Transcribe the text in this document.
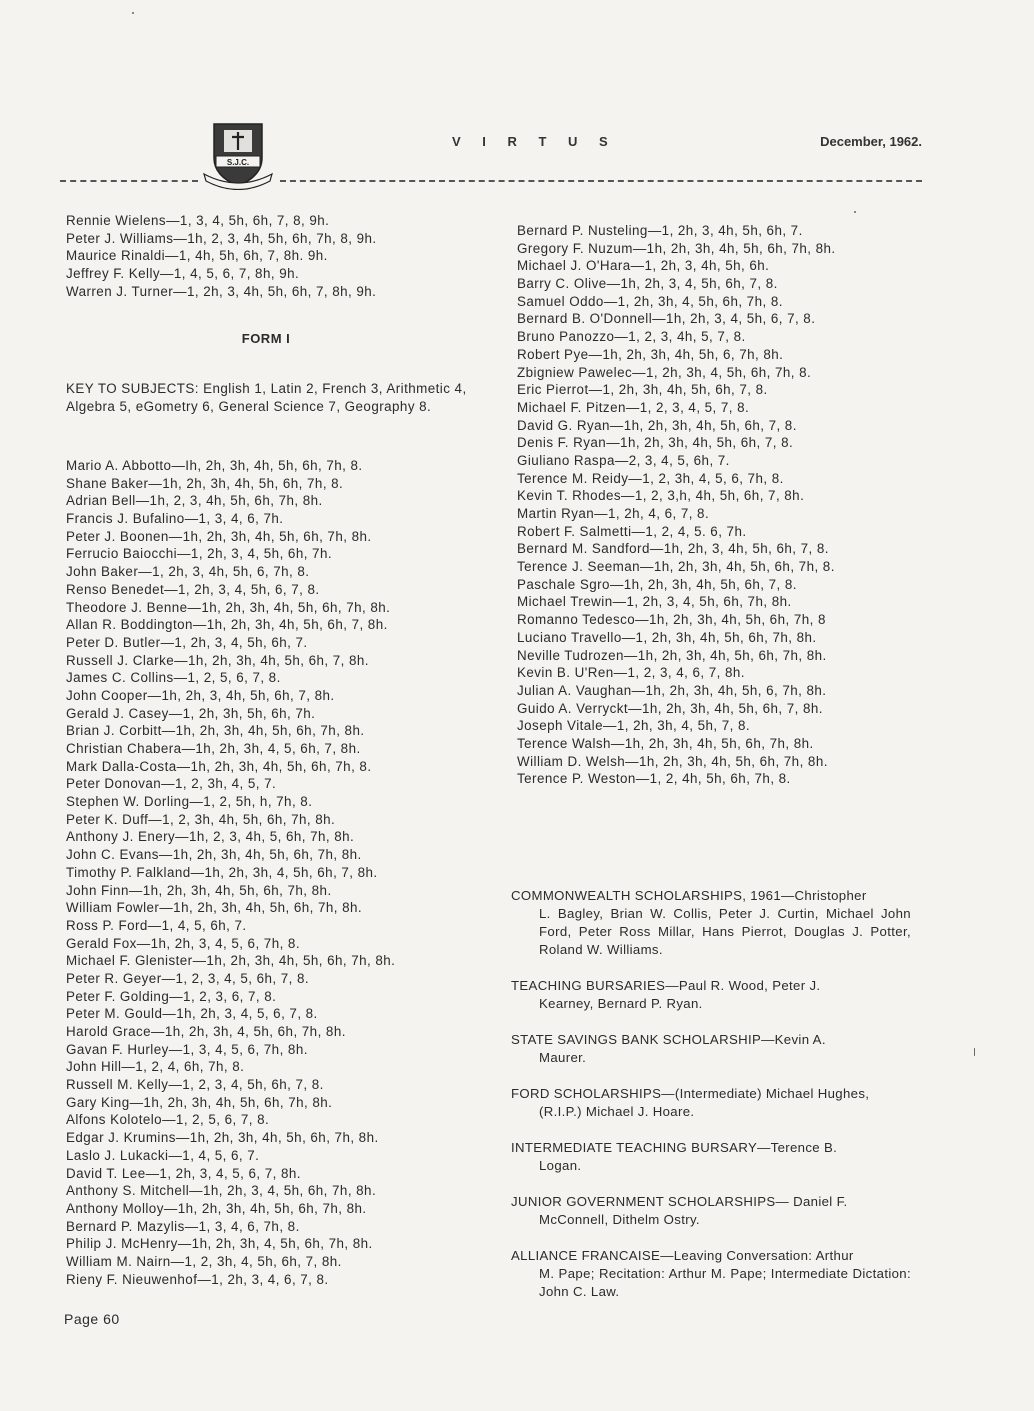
S.J.C.
V I R T U S	December, 1962.
Rennie Wielens—1, 3, 4, 5h, 6h, 7, 8, 9h.
Peter J. Williams—1h, 2, 3, 4h, 5h, 6h, 7h, 8, 9h.
Maurice Rinaldi—1, 4h, 5h, 6h, 7, 8h. 9h.
Jeffrey F. Kelly—1, 4, 5, 6, 7, 8h, 9h.
Warren J. Turner—1, 2h, 3, 4h, 5h, 6h, 7, 8h, 9h.
FORM I
KEY TO SUBJECTS: English 1, Latin 2, French 3, Arithmetic 4, Algebra 5, eGometry 6, General Science 7, Geography 8.
Mario A. Abbotto—Ih, 2h, 3h, 4h, 5h, 6h, 7h, 8.
Shane Baker—1h, 2h, 3h, 4h, 5h, 6h, 7h, 8.
Adrian Bell—1h, 2, 3, 4h, 5h, 6h, 7h, 8h.
Francis J. Bufalino—1, 3, 4, 6, 7h.
Peter J. Boonen—1h, 2h, 3h, 4h, 5h, 6h, 7h, 8h.
Ferrucio Baiocchi—1, 2h, 3, 4, 5h, 6h, 7h.
John Baker—1, 2h, 3, 4h, 5h, 6, 7h, 8.
Renso Benedet—1, 2h, 3, 4, 5h, 6, 7, 8.
Theodore J. Benne—1h, 2h, 3h, 4h, 5h, 6h, 7h, 8h.
Allan R. Boddington—1h, 2h, 3h, 4h, 5h, 6h, 7, 8h.
Peter D. Butler—1, 2h, 3, 4, 5h, 6h, 7.
Russell J. Clarke—1h, 2h, 3h, 4h, 5h, 6h, 7, 8h.
James C. Collins—1, 2, 5, 6, 7, 8.
John Cooper—1h, 2h, 3, 4h, 5h, 6h, 7, 8h.
Gerald J. Casey—1, 2h, 3h, 5h, 6h, 7h.
Brian J. Corbitt—1h, 2h, 3h, 4h, 5h, 6h, 7h, 8h.
Christian Chabera—1h, 2h, 3h, 4, 5, 6h, 7, 8h.
Mark Dalla-Costa—1h, 2h, 3h, 4h, 5h, 6h, 7h, 8.
Peter Donovan—1, 2, 3h, 4, 5, 7.
Stephen W. Dorling—1, 2, 5h, h, 7h, 8.
Peter K. Duff—1, 2, 3h, 4h, 5h, 6h, 7h, 8h.
Anthony J. Enery—1h, 2, 3, 4h, 5, 6h, 7h, 8h.
John C. Evans—1h, 2h, 3h, 4h, 5h, 6h, 7h, 8h.
Timothy P. Falkland—1h, 2h, 3h, 4, 5h, 6h, 7, 8h.
John Finn—1h, 2h, 3h, 4h, 5h, 6h, 7h, 8h.
William Fowler—1h, 2h, 3h, 4h, 5h, 6h, 7h, 8h.
Ross P. Ford—1, 4, 5, 6h, 7.
Gerald Fox—1h, 2h, 3, 4, 5, 6, 7h, 8.
Michael F. Glenister—1h, 2h, 3h, 4h, 5h, 6h, 7h, 8h.
Peter R. Geyer—1, 2, 3, 4, 5, 6h, 7, 8.
Peter F. Golding—1, 2, 3, 6, 7, 8.
Peter M. Gould—1h, 2h, 3, 4, 5, 6, 7, 8.
Harold Grace—1h, 2h, 3h, 4, 5h, 6h, 7h, 8h.
Gavan F. Hurley—1, 3, 4, 5, 6, 7h, 8h.
John Hill—1, 2, 4, 6h, 7h, 8.
Russell M. Kelly—1, 2, 3, 4, 5h, 6h, 7, 8.
Gary King—1h, 2h, 3h, 4h, 5h, 6h, 7h, 8h.
Alfons Kolotelo—1, 2, 5, 6, 7, 8.
Edgar J. Krumins—1h, 2h, 3h, 4h, 5h, 6h, 7h, 8h.
Laslo J. Lukacki—1, 4, 5, 6, 7.
David T. Lee—1, 2h, 3, 4, 5, 6, 7, 8h.
Anthony S. Mitchell—1h, 2h, 3, 4, 5h, 6h, 7h, 8h.
Anthony Molloy—1h, 2h, 3h, 4h, 5h, 6h, 7h, 8h.
Bernard P. Mazylis—1, 3, 4, 6, 7h, 8.
Philip J. McHenry—1h, 2h, 3h, 4, 5h, 6h, 7h, 8h.
William M. Nairn—1, 2, 3h, 4, 5h, 6h, 7, 8h.
Rieny F. Nieuwenhof—1, 2h, 3, 4, 6, 7, 8.
Bernard P. Nusteling—1, 2h, 3, 4h, 5h, 6h, 7.
Gregory F. Nuzum—1h, 2h, 3h, 4h, 5h, 6h, 7h, 8h.
Michael J. O'Hara—1, 2h, 3, 4h, 5h, 6h.
Barry C. Olive—1h, 2h, 3, 4, 5h, 6h, 7, 8.
Samuel Oddo—1, 2h, 3h, 4, 5h, 6h, 7h, 8.
Bernard B. O'Donnell—1h, 2h, 3, 4, 5h, 6, 7, 8.
Bruno Panozzo—1, 2, 3, 4h, 5, 7, 8.
Robert Pye—1h, 2h, 3h, 4h, 5h, 6, 7h, 8h.
Zbigniew Pawelec—1, 2h, 3h, 4, 5h, 6h, 7h, 8.
Eric Pierrot—1, 2h, 3h, 4h, 5h, 6h, 7, 8.
Michael F. Pitzen—1, 2, 3, 4, 5, 7, 8.
David G. Ryan—1h, 2h, 3h, 4h, 5h, 6h, 7, 8.
Denis F. Ryan—1h, 2h, 3h, 4h, 5h, 6h, 7, 8.
Giuliano Raspa—2, 3, 4, 5, 6h, 7.
Terence M. Reidy—1, 2, 3h, 4, 5, 6, 7h, 8.
Kevin T. Rhodes—1, 2, 3,h, 4h, 5h, 6h, 7, 8h.
Martin Ryan—1, 2h, 4, 6, 7, 8.
Robert F. Salmetti—1, 2, 4, 5. 6, 7h.
Bernard M. Sandford—1h, 2h, 3, 4h, 5h, 6h, 7, 8.
Terence J. Seeman—1h, 2h, 3h, 4h, 5h, 6h, 7h, 8.
Paschale Sgro—1h, 2h, 3h, 4h, 5h, 6h, 7, 8.
Michael Trewin—1, 2h, 3, 4, 5h, 6h, 7h, 8h.
Romanno Tedesco—1h, 2h, 3h, 4h, 5h, 6h, 7h, 8
Luciano Travello—1, 2h, 3h, 4h, 5h, 6h, 7h, 8h.
Neville Tudrozen—1h, 2h, 3h, 4h, 5h, 6h, 7h, 8h.
Kevin B. U'Ren—1, 2, 3, 4, 6, 7, 8h.
Julian A. Vaughan—1h, 2h, 3h, 4h, 5h, 6, 7h, 8h.
Guido A. Verryckt—1h, 2h, 3h, 4h, 5h, 6h, 7, 8h.
Joseph Vitale—1, 2h, 3h, 4, 5h, 7, 8.
Terence Walsh—1h, 2h, 3h, 4h, 5h, 6h, 7h, 8h.
William D. Welsh—1h, 2h, 3h, 4h, 5h, 6h, 7h, 8h.
Terence P. Weston—1, 2, 4h, 5h, 6h, 7h, 8.

COMMONWEALTH SCHOLARSHIPS, 1961—Christopher
L. Bagley, Brian W. Collis, Peter J. Curtin, Michael John Ford, Peter Ross Millar, Hans Pierrot, Douglas J. Potter, Roland W. Williams.

TEACHING BURSARIES—Paul R. Wood, Peter J.
Kearney, Bernard P. Ryan.

STATE SAVINGS BANK SCHOLARSHIP—Kevin A.
Maurer.

FORD SCHOLARSHIPS—(Intermediate) Michael Hughes,
(R.I.P.) Michael J. Hoare.

INTERMEDIATE TEACHING BURSARY—Terence B.
Logan.

JUNIOR GOVERNMENT SCHOLARSHIPS— Daniel F.
McConnell, Dithelm Ostry.

ALLIANCE FRANCAISE—Leaving Conversation: Arthur
M. Pape; Recitation: Arthur M. Pape; Intermediate Dictation: John C. Law.

Page 60
